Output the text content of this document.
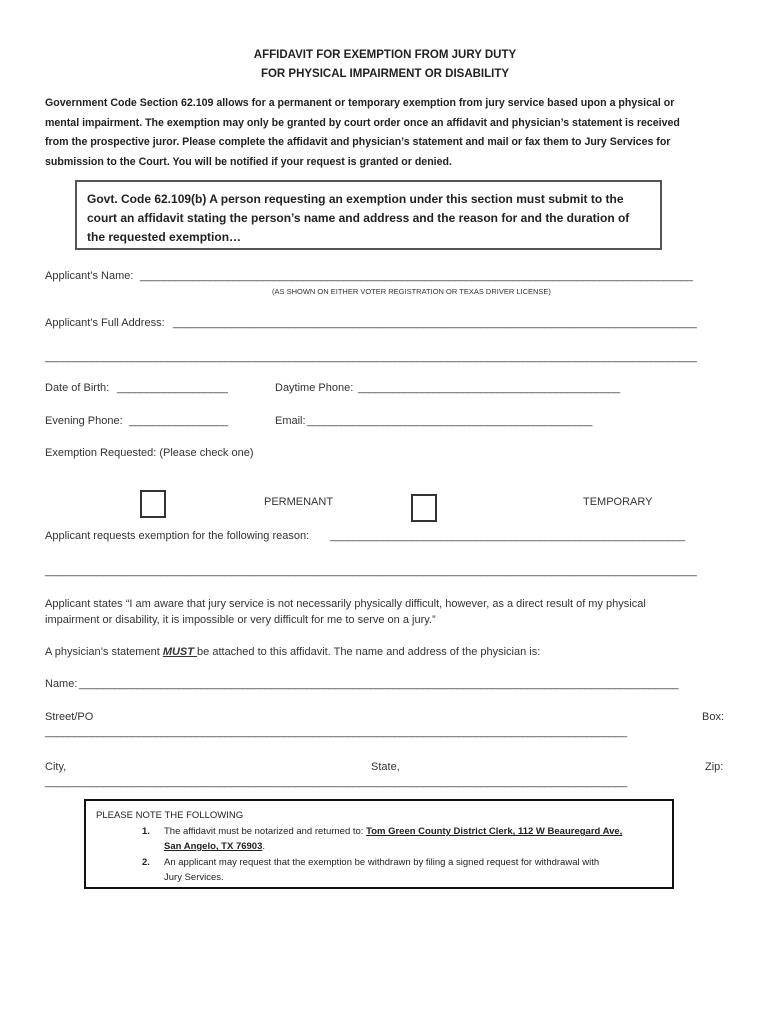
AFFIDAVIT FOR EXEMPTION FROM JURY DUTY
FOR PHYSICAL IMPAIRMENT OR DISABILITY
Government Code Section 62.109 allows for a permanent or temporary exemption from jury service based upon a physical or
mental impairment. The exemption may only be granted by court order once an affidavit and physician’s statement is received
from the prospective juror. Please complete the affidavit and physician’s statement and mail or fax them to Jury Services for
submission to the Court. You will be notified if your request is granted or denied.
Govt. Code 62.109(b) A person requesting an exemption under this section must submit to the
court an affidavit stating the person’s name and address and the reason for and the duration of
the requested exemption…
Applicant’s Name: _______________________________________________________________________________________________
(AS SHOWN ON EITHER VOTER REGISTRATION OR TEXAS DRIVER LICENSE)
Applicant’s Full Address: __________________________________________________________________________________________
________________________________________________________________________________________________________________
Date of Birth: ___________________	Daytime Phone: _____________________________________________
Evening Phone: _________________	Email: _________________________________________________
Exemption Requested: (Please check one)
PERMENANT	TEMPORARY
Applicant requests exemption for the following reason: _____________________________________________________________
________________________________________________________________________________________________________________
Applicant states “I am aware that jury service is not necessarily physically difficult, however, as a direct result of my physical
impairment or disability, it is impossible or very difficult for me to serve on a jury.”
A physician’s statement MUST be attached to this affidavit. The name and address of the physician is:
Name: _______________________________________________________________________________________________________
Street/PO	Box:
____________________________________________________________________________________________________
City,	State,	Zip:
____________________________________________________________________________________________________
PLEASE NOTE THE FOLLOWING
1. The affidavit must be notarized and returned to: Tom Green County District Clerk, 112 W Beauregard Ave,
San Angelo, TX 76903.
2. An applicant may request that the exemption be withdrawn by filing a signed request for withdrawal with
Jury Services.
